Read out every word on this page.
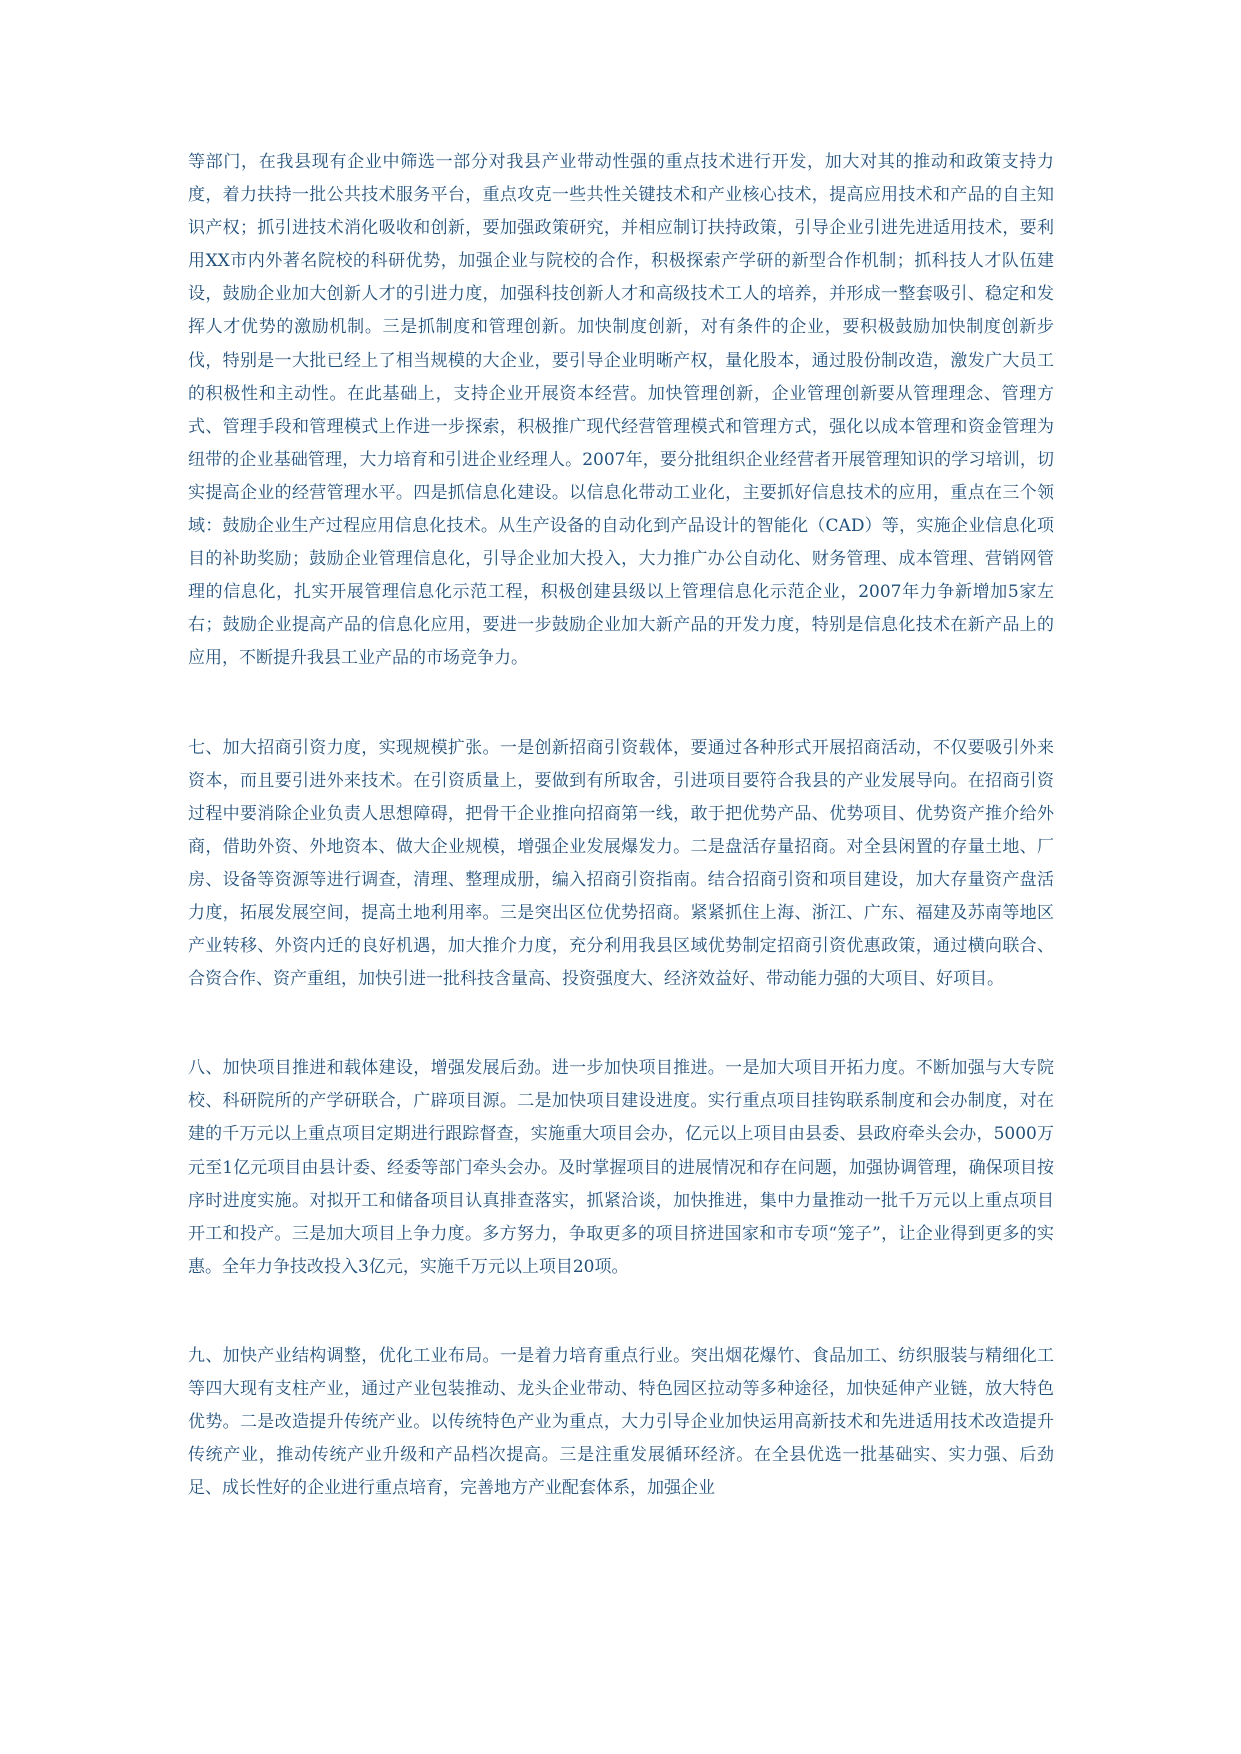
等部门，在我县现有企业中筛选一部分对我县产业带动性强的重点技术进行开发，加大对其的推动和政策支持力度，着力扶持一批公共技术服务平台，重点攻克一些共性关键技术和产业核心技术，提高应用技术和产品的自主知识产权；抓引进技术消化吸收和创新，要加强政策研究，并相应制订扶持政策，引导企业引进先进适用技术，要利用XX市内外著名院校的科研优势，加强企业与院校的合作，积极探索产学研的新型合作机制；抓科技人才队伍建设，鼓励企业加大创新人才的引进力度，加强科技创新人才和高级技术工人的培养，并形成一整套吸引、稳定和发挥人才优势的激励机制。三是抓制度和管理创新。加快制度创新，对有条件的企业，要积极鼓励加快制度创新步伐，特别是一大批已经上了相当规模的大企业，要引导企业明晰产权，量化股本，通过股份制改造，激发广大员工的积极性和主动性。在此基础上，支持企业开展资本经营。加快管理创新，企业管理创新要从管理理念、管理方式、管理手段和管理模式上作进一步探索，积极推广现代经营管理模式和管理方式，强化以成本管理和资金管理为纽带的企业基础管理，大力培育和引进企业经理人。2007年，要分批组织企业经营者开展管理知识的学习培训，切实提高企业的经营管理水平。四是抓信息化建设。以信息化带动工业化，主要抓好信息技术的应用，重点在三个领域：鼓励企业生产过程应用信息化技术。从生产设备的自动化到产品设计的智能化（CAD）等，实施企业信息化项目的补助奖励；鼓励企业管理信息化，引导企业加大投入，大力推广办公自动化、财务管理、成本管理、营销网管理的信息化，扎实开展管理信息化示范工程，积极创建县级以上管理信息化示范企业，2007年力争新增加5家左右；鼓励企业提高产品的信息化应用，要进一步鼓励企业加大新产品的开发力度，特别是信息化技术在新产品上的应用，不断提升我县工业产品的市场竞争力。

七、加大招商引资力度，实现规模扩张。一是创新招商引资载体，要通过各种形式开展招商活动，不仅要吸引外来资本，而且要引进外来技术。在引资质量上，要做到有所取舍，引进项目要符合我县的产业发展导向。在招商引资过程中要消除企业负责人思想障碍，把骨干企业推向招商第一线，敢于把优势产品、优势项目、优势资产推介给外商，借助外资、外地资本、做大企业规模，增强企业发展爆发力。二是盘活存量招商。对全县闲置的存量土地、厂房、设备等资源等进行调查，清理、整理成册，编入招商引资指南。结合招商引资和项目建设，加大存量资产盘活力度，拓展发展空间，提高土地利用率。三是突出区位优势招商。紧紧抓住上海、浙江、广东、福建及苏南等地区产业转移、外资内迁的良好机遇，加大推介力度，充分利用我县区域优势制定招商引资优惠政策，通过横向联合、合资合作、资产重组，加快引进一批科技含量高、投资强度大、经济效益好、带动能力强的大项目、好项目。

八、加快项目推进和载体建设，增强发展后劲。进一步加快项目推进。一是加大项目开拓力度。不断加强与大专院校、科研院所的产学研联合，广辟项目源。二是加快项目建设进度。实行重点项目挂钩联系制度和会办制度，对在建的千万元以上重点项目定期进行跟踪督查，实施重大项目会办，亿元以上项目由县委、县政府牵头会办，5000万元至1亿元项目由县计委、经委等部门牵头会办。及时掌握项目的进展情况和存在问题，加强协调管理，确保项目按序时进度实施。对拟开工和储备项目认真排查落实，抓紧洽谈，加快推进，集中力量推动一批千万元以上重点项目开工和投产。三是加大项目上争力度。多方努力，争取更多的项目挤进国家和市专项“笼子”，让企业得到更多的实惠。全年力争技改投入3亿元，实施千万元以上项目20项。

九、加快产业结构调整，优化工业布局。一是着力培育重点行业。突出烟花爆竹、食品加工、纺织服装与精细化工等四大现有支柱产业，通过产业包装推动、龙头企业带动、特色园区拉动等多种途径，加快延伸产业链，放大特色优势。二是改造提升传统产业。以传统特色产业为重点，大力引导企业加快运用高新技术和先进适用技术改造提升传统产业，推动传统产业升级和产品档次提高。三是注重发展循环经济。在全县优选一批基础实、实力强、后劲足、成长性好的企业进行重点培育，完善地方产业配套体系，加强企业
